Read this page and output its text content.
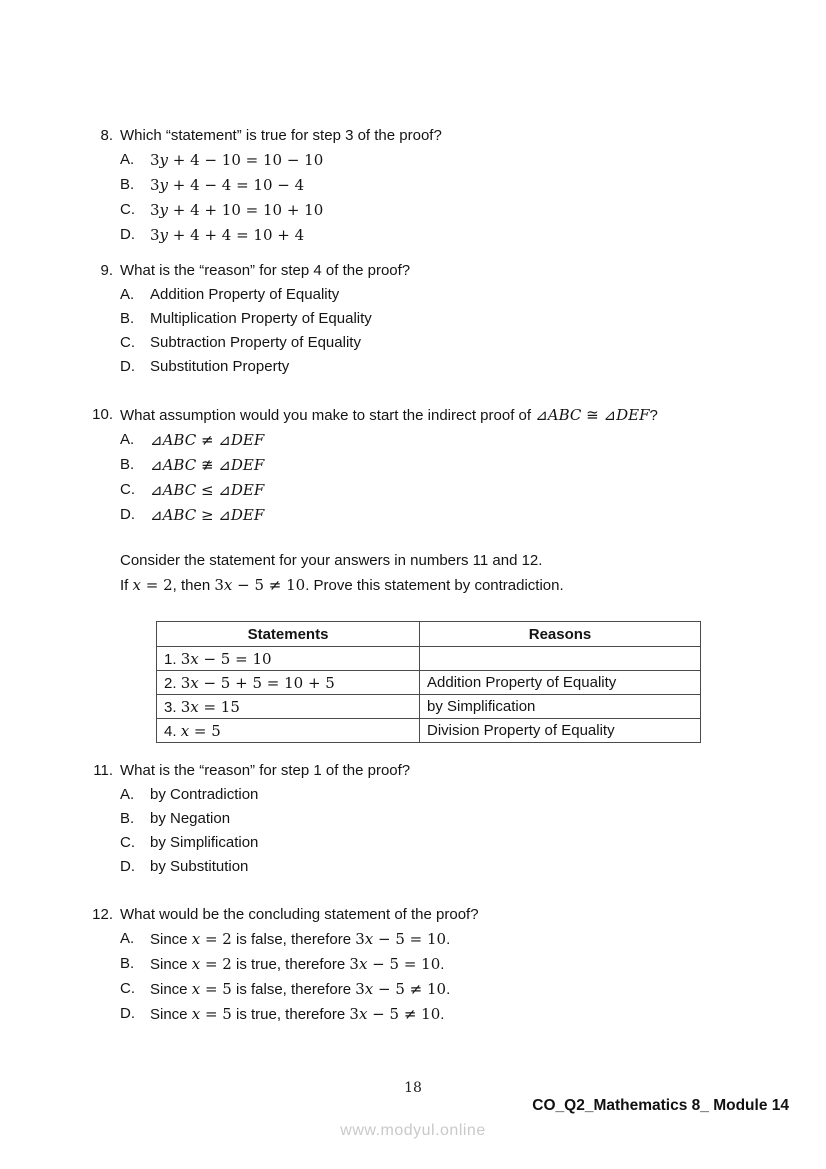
8. Which “statement” is true for step 3 of the proof?
A.	3y + 4 − 10 = 10 − 10
B.	3y + 4 − 4 = 10 − 4
C. 3y + 4 + 10 = 10 + 10
D. 3y + 4 + 4 = 10 + 4
9. What is the “reason” for step 4 of the proof?
A.	Addition Property of Equality
B.	Multiplication Property of Equality
C. Subtraction Property of Equality
D. Substitution Property
10. What assumption would you make to start the indirect proof of ⊿ABC ≅ ⊿DEF?
A.	⊿ABC ≠ ⊿DEF
B.	⊿ABC ≇ ⊿DEF
C. ⊿ABC ≤ ⊿DEF
D. ⊿ABC ≥ ⊿DEF
Consider the statement for your answers in numbers 11 and 12.
If x = 2, then 3x − 5 ≠ 10. Prove this statement by contradiction.
Statements	Reasons
1. 3x − 5 = 10	
2. 3x − 5 + 5 = 10 + 5	Addition Property of Equality
3. 3x = 15	by Simplification
4. x = 5	Division Property of Equality
11. What is the “reason” for step 1 of the proof?
A.	by Contradiction
B.	by Negation
C. by Simplification
D. by Substitution
12. What would be the concluding statement of the proof?
A.	Since x = 2 is false, therefore 3x − 5 = 10.
B.	Since x = 2 is true, therefore 3x − 5 = 10.
C. Since x = 5 is false, therefore 3x − 5 ≠ 10.
D. Since x = 5 is true, therefore 3x − 5 ≠ 10.
18
CO_Q2_Mathematics 8_ Module 14
www.modyul.online
